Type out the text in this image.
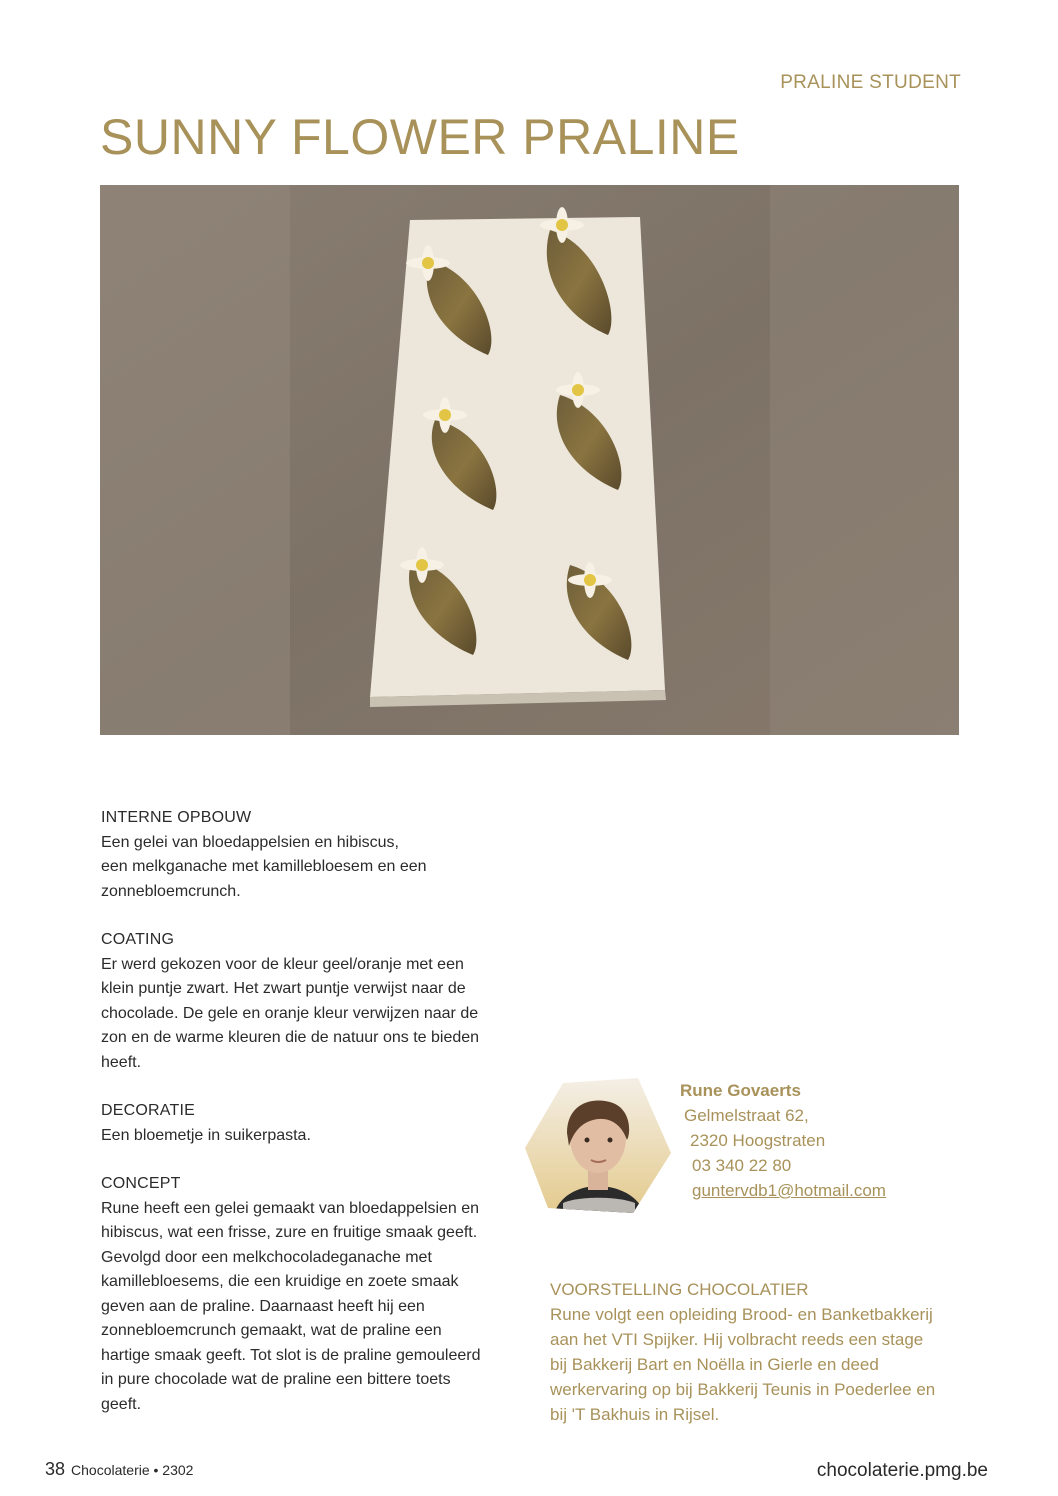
PRALINE STUDENT
SUNNY FLOWER PRALINE
INTERNE OPBOUW

Een gelei van bloedappelsien en hibiscus,
een melkganache met kamillebloesem en een
zonnebloemcrunch.

COATING

Er werd gekozen voor de kleur geel/oranje met een
klein puntje zwart. Het zwart puntje verwijst naar de
chocolade. De gele en oranje kleur verwijzen naar de
zon en de warme kleuren die de natuur ons te bieden
heeft.

DECORATIE

Een bloemetje in suikerpasta.

CONCEPT

Rune heeft een gelei gemaakt van bloedappelsien en
hibiscus, wat een frisse, zure en fruitige smaak geeft.
Gevolgd door een melkchocoladeganache met
kamillebloesems, die een kruidige en zoete smaak
geven aan de praline. Daarnaast heeft hij een
zonnebloemcrunch gemaakt, wat de praline een
hartige smaak geeft. Tot slot is de praline gemouleerd
in pure chocolade wat de praline een bittere toets
geeft.

Rune Govaerts
Gelmelstraat 62,
2320 Hoogstraten
03 340 22 80
guntervdb1@hotmail.com
VOORSTELLING CHOCOLATIER

Rune volgt een opleiding Brood- en Banketbakkerij
aan het VTI Spijker. Hij volbracht reeds een stage
bij Bakkerij Bart en Noëlla in Gierle en deed
werkervaring op bij Bakkerij Teunis in Poederlee en
bij 'T Bakhuis in Rijsel.

38 Chocolaterie • 2302	chocolaterie.pmg.be
